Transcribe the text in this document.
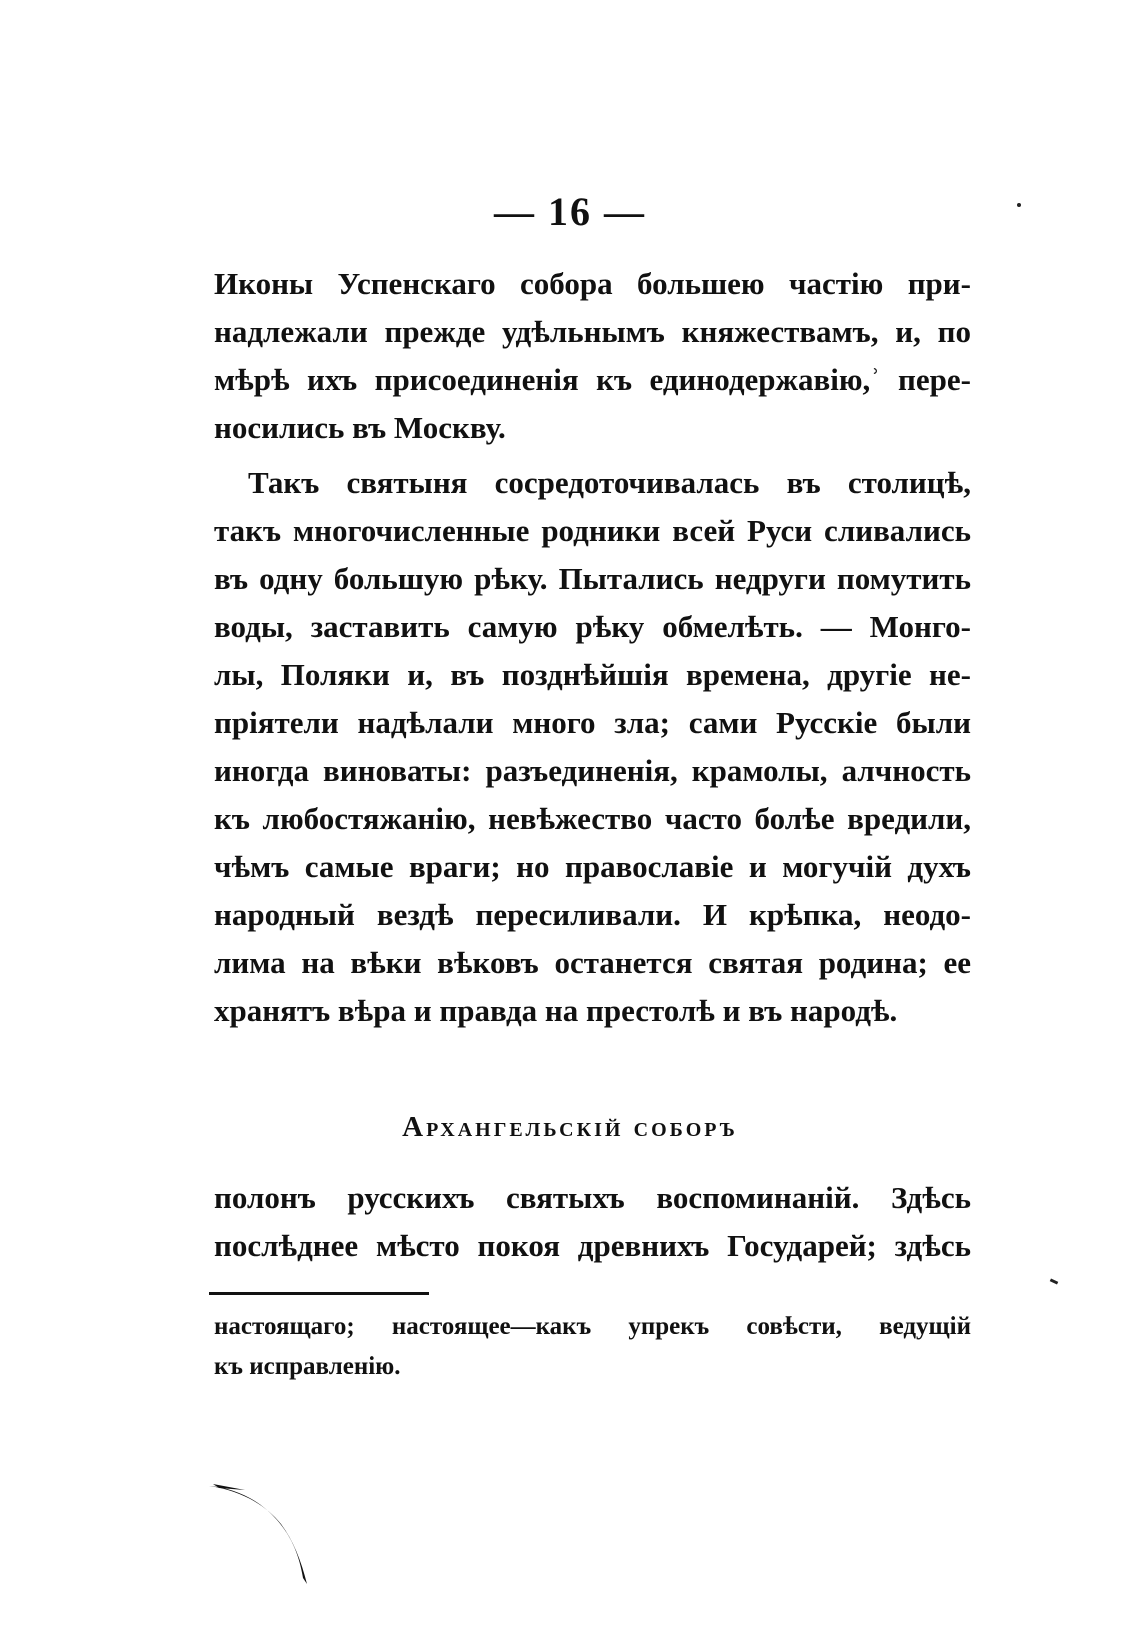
— 16 —
Иконы Успенскаго собора большею частію при-
надлежали прежде удѣльнымъ княжествамъ, и, по
мѣрѣ ихъ присоединенія къ единодержавію,ʾ пере-
носились въ Москву.
Такъ святыня сосредоточивалась въ столицѣ,
такъ многочисленные родники всей Руси сливались
въ одну большую рѣку. Пытались недруги помутить
воды, заставить самую рѣку обмелѣть. — Монго-
лы, Поляки и, въ позднѣйшія времена, другіе не-
пріятели надѣлали много зла; сами Русскіе были
иногда виноваты: разъединенія, крамолы, алчность
къ любостяжанію, невѣжество часто болѣе вредили,
чѣмъ самые враги; но православіе и могучій духъ
народный вездѣ пересиливали. И крѣпка, неодо-
лима на вѣки вѣковъ останется святая родина; ее
хранятъ вѣра и правда на престолѣ и въ народѣ.
Архангельскій соборъ
полонъ русскихъ святыхъ воспоминаній. Здѣсь
послѣднее мѣсто покоя древнихъ Государей; здѣсь
настоящаго; настоящее—какъ упрекъ совѣсти, ведущій
къ исправленію.
